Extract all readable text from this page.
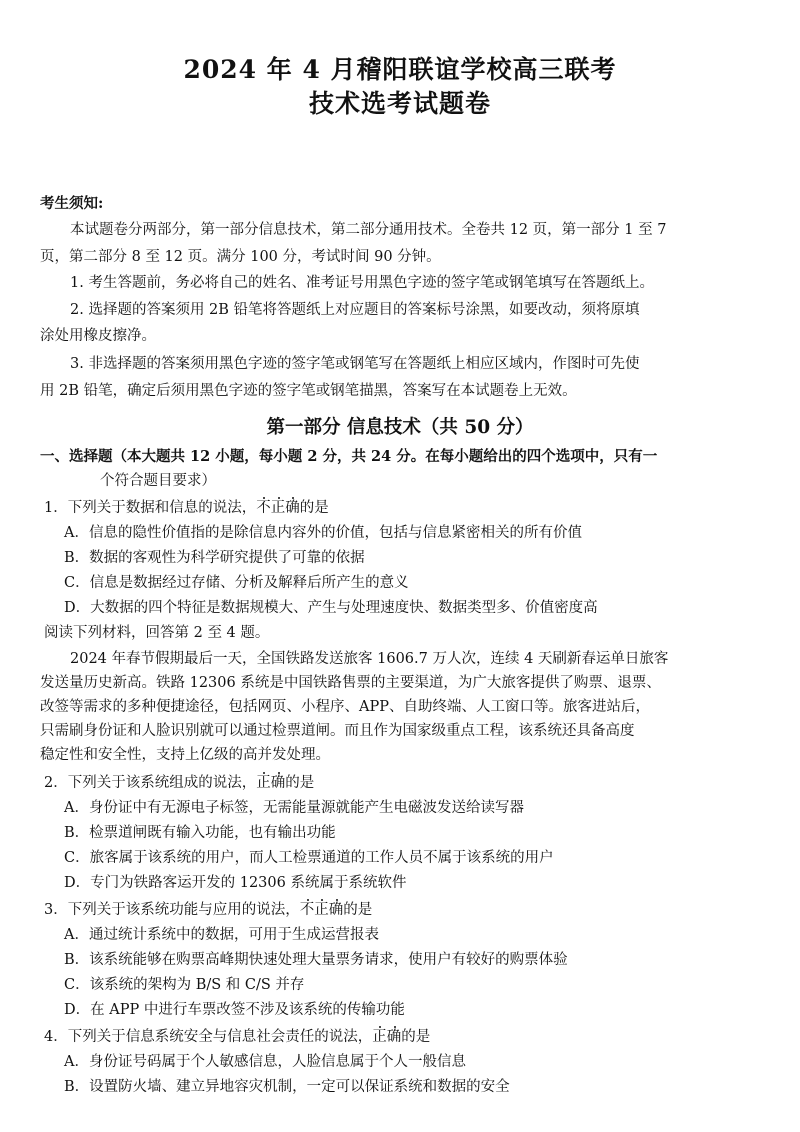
2024 年 4 月稽阳联谊学校高三联考
技术选考试题卷
考生须知:
本试题卷分两部分，第一部分信息技术，第二部分通用技术。全卷共 12 页，第一部分 1 至 7
页，第二部分 8 至 12 页。满分 100 分，考试时间 90 分钟。
1. 考生答题前，务必将自己的姓名、准考证号用黑色字迹的签字笔或钢笔填写在答题纸上。
2. 选择题的答案须用 2B 铅笔将答题纸上对应题目的答案标号涂黑，如要改动，须将原填
涂处用橡皮擦净。
3. 非选择题的答案须用黑色字迹的签字笔或钢笔写在答题纸上相应区域内，作图时可先使
用 2B 铅笔，确定后须用黑色字迹的签字笔或钢笔描黑，答案写在本试题卷上无效。
第一部分 信息技术（共 50 分）
一、选择题（本大题共 12 小题，每小题 2 分，共 24 分。在每小题给出的四个选项中，只有一
个符合题目要求）
1．下列关于数据和信息的说法，不正确的是
A．信息的隐性价值指的是除信息内容外的价值，包括与信息紧密相关的所有价值
B．数据的客观性为科学研究提供了可靠的依据
C．信息是数据经过存储、分析及解释后所产生的意义
D．大数据的四个特征是数据规模大、产生与处理速度快、数据类型多、价值密度高
阅读下列材料，回答第 2 至 4 题。
2024 年春节假期最后一天，全国铁路发送旅客 1606.7 万人次，连续 4 天刷新春运单日旅客
发送量历史新高。铁路 12306 系统是中国铁路售票的主要渠道，为广大旅客提供了购票、退票、
改签等需求的多种便捷途径，包括网页、小程序、APP、自助终端、人工窗口等。旅客进站后，
只需刷身份证和人脸识别就可以通过检票道闸。而且作为国家级重点工程，该系统还具备高度
稳定性和安全性，支持上亿级的高并发处理。
2．下列关于该系统组成的说法，正确的是
A．身份证中有无源电子标签，无需能量源就能产生电磁波发送给读写器
B．检票道闸既有输入功能，也有输出功能
C．旅客属于该系统的用户，而人工检票通道的工作人员不属于该系统的用户
D．专门为铁路客运开发的 12306 系统属于系统软件
3．下列关于该系统功能与应用的说法，不正确的是
A．通过统计系统中的数据，可用于生成运营报表
B．该系统能够在购票高峰期快速处理大量票务请求，使用户有较好的购票体验
C．该系统的架构为 B/S 和 C/S 并存
D．在 APP 中进行车票改签不涉及该系统的传输功能
4．下列关于信息系统安全与信息社会责任的说法，正确的是
A．身份证号码属于个人敏感信息，人脸信息属于个人一般信息
B．设置防火墙、建立异地容灾机制，一定可以保证系统和数据的安全
